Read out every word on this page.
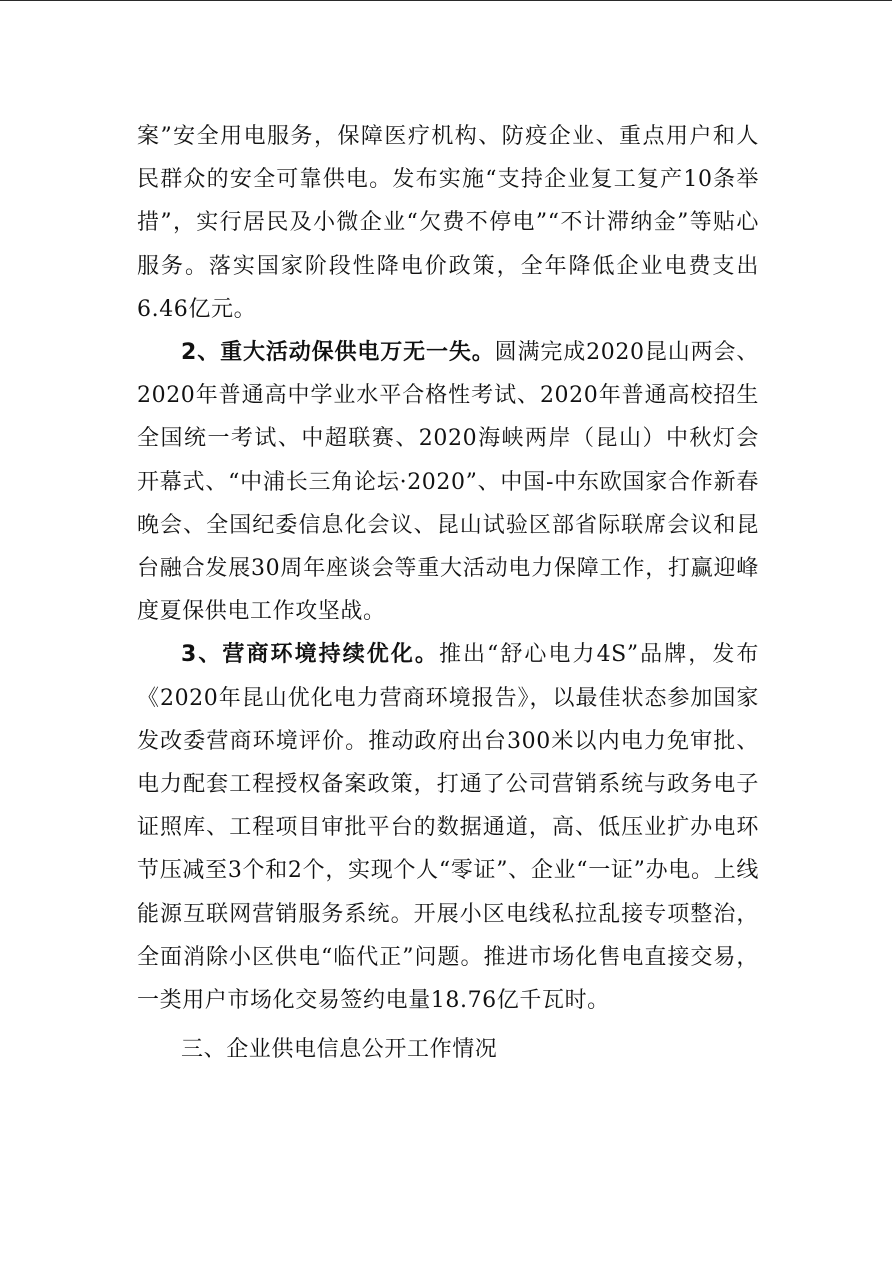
案”安全用电服务，保障医疗机构、防疫企业、重点用户和人民群众的安全可靠供电。发布实施“支持企业复工复产10条举措”，实行居民及小微企业“欠费不停电”“不计滞纳金”等贴心服务。落实国家阶段性降电价政策，全年降低企业电费支出6.46亿元。

2、重大活动保供电万无一失。圆满完成2020昆山两会、2020年普通高中学业水平合格性考试、2020年普通高校招生全国统一考试、中超联赛、2020海峡两岸（昆山）中秋灯会开幕式、“中浦长三角论坛·2020”、中国-中东欧国家合作新春晚会、全国纪委信息化会议、昆山试验区部省际联席会议和昆台融合发展30周年座谈会等重大活动电力保障工作，打赢迎峰度夏保供电工作攻坚战。

3、营商环境持续优化。推出“舒心电力4S”品牌，发布《2020年昆山优化电力营商环境报告》，以最佳状态参加国家发改委营商环境评价。推动政府出台300米以内电力免审批、电力配套工程授权备案政策，打通了公司营销系统与政务电子证照库、工程项目审批平台的数据通道，高、低压业扩办电环节压减至3个和2个，实现个人“零证”、企业“一证”办电。上线能源互联网营销服务系统。开展小区电线私拉乱接专项整治，全面消除小区供电“临代正”问题。推进市场化售电直接交易，一类用户市场化交易签约电量18.76亿千瓦时。

三、企业供电信息公开工作情况
